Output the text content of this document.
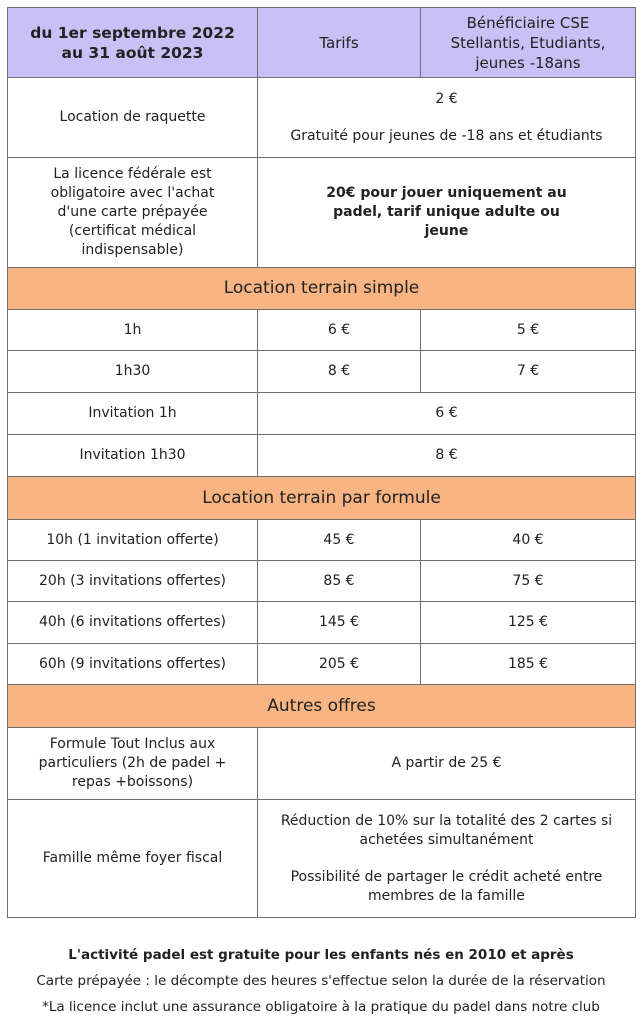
du 1er septembre 2022 au 31 août 2023	Tarifs	Bénéficiaire CSE Stellantis, Etudiants, jeunes -18ans
Location de raquette	2 €
Gratuité pour jeunes de -18 ans et étudiants	

La licence fédérale est obligatoire avec l'achat d'une carte prépayée (certificat médical indispensable)	20€ pour jouer uniquement au padel, tarif unique adulte ou jeune	
Location terrain simple		
1h	6 €	5 €
1h30	8 €	7 €
Invitation 1h	6 €	
Invitation 1h30	8 €	
Location terrain par formule		
10h (1 invitation offerte)	45 €	40 €
20h (3 invitations offertes)	85 €	75 €
40h (6 invitations offertes)	145 €	125 €
60h (9 invitations offertes)	205 €	185 €
Autres offres		
Formule Tout Inclus aux particuliers (2h de padel + repas +boissons)	A partir de 25 €	
Famille même foyer fiscal	Réduction de 10% sur la totalité des 2 cartes si achetées simultanément
Possibilité de partager le crédit acheté entre membres de la famille	
L'activité padel est gratuite pour les enfants nés en 2010 et après
Carte prépayée : le décompte des heures s'effectue selon la durée de la réservation
*La licence inclut une assurance obligatoire à la pratique du padel dans notre club
